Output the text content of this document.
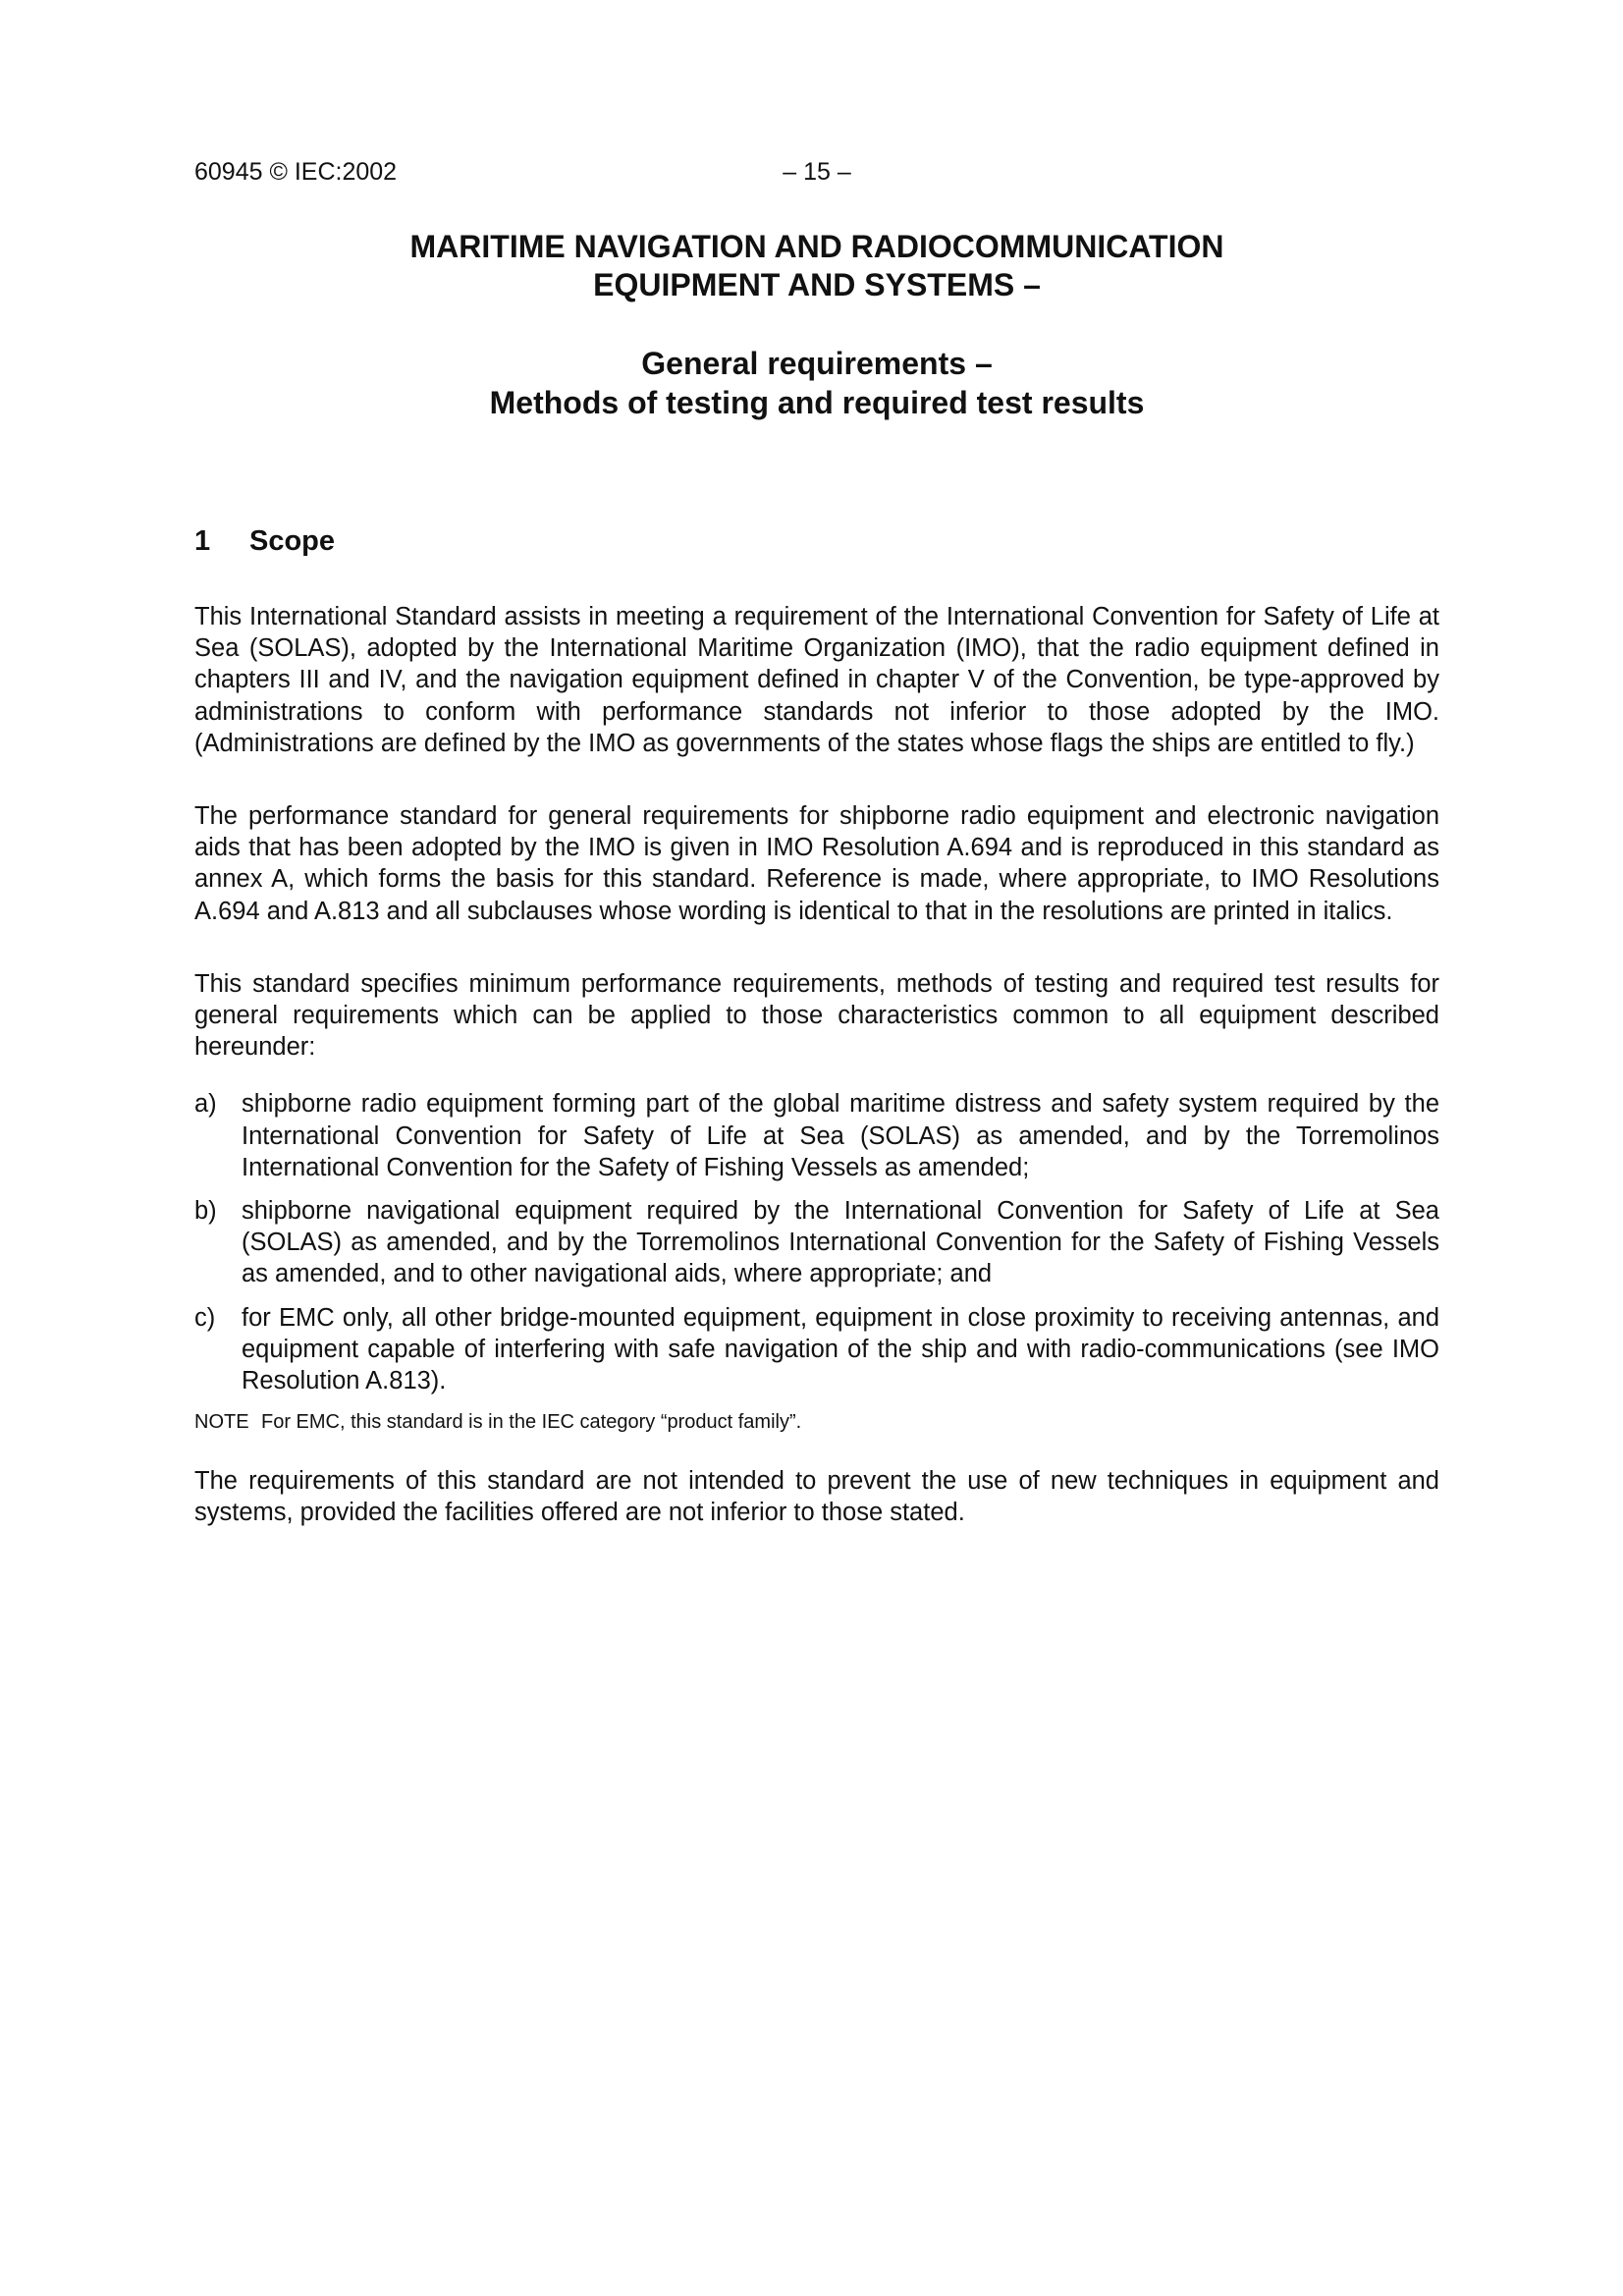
60945 © IEC:2002	– 15 –
MARITIME NAVIGATION AND RADIOCOMMUNICATION
EQUIPMENT AND SYSTEMS –
General requirements –
Methods of testing and required test results
1 Scope

This International Standard assists in meeting a requirement of the International Convention for Safety of Life at Sea (SOLAS), adopted by the International Maritime Organization (IMO), that the radio equipment defined in chapters III and IV, and the navigation equipment defined in chapter V of the Convention, be type-approved by administrations to conform with performance standards not inferior to those adopted by the IMO. (Administrations are defined by the IMO as governments of the states whose flags the ships are entitled to fly.)

The performance standard for general requirements for shipborne radio equipment and electronic navigation aids that has been adopted by the IMO is given in IMO Resolution A.694 and is reproduced in this standard as annex A, which forms the basis for this standard. Reference is made, where appropriate, to IMO Resolutions A.694 and A.813 and all subclauses whose wording is identical to that in the resolutions are printed in italics.

This standard specifies minimum performance requirements, methods of testing and required test results for general requirements which can be applied to those characteristics common to all equipment described hereunder:

a) shipborne radio equipment forming part of the global maritime distress and safety system required by the International Convention for Safety of Life at Sea (SOLAS) as amended, and by the Torremolinos International Convention for the Safety of Fishing Vessels as amended;
b) shipborne navigational equipment required by the International Convention for Safety of Life at Sea (SOLAS) as amended, and by the Torremolinos International Convention for the Safety of Fishing Vessels as amended, and to other navigational aids, where appropriate; and
c) for EMC only, all other bridge-mounted equipment, equipment in close proximity to receiving antennas, and equipment capable of interfering with safe navigation of the ship and with radio-communications (see IMO Resolution A.813).
NOTE For EMC, this standard is in the IEC category “product family”.

The requirements of this standard are not intended to prevent the use of new techniques in equipment and systems, provided the facilities offered are not inferior to those stated.
